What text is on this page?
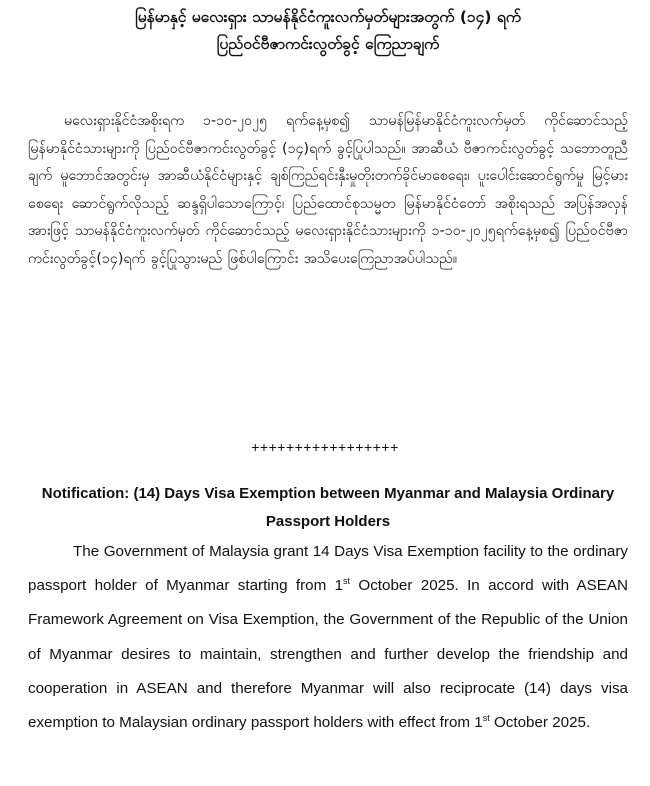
မြန်မာနှင့် မလေးရှား သာမန်နိုင်ငံကူးလက်မှတ်များအတွက် (၁၄) ရက်

ပြည်ဝင်ဗီဇာကင်းလွတ်ခွင့် ကြေညာချက်

မလေးရှားနိုင်ငံအစိုးရက ၁-၁၀-၂၀၂၅ ရက်နေ့မှစ၍ သာမန်မြန်မာနိုင်ငံကူးလက်မှတ် ကိုင်ဆောင်သည့် မြန်မာနိုင်ငံသားများကို ပြည်ဝင်ဗီဇာကင်းလွတ်ခွင့် (၁၄)ရက် ခွင့်ပြုပါသည်။ အာဆီယံ ဗီဇာကင်းလွတ်ခွင့် သဘောတူညီချက် မူဘောင်အတွင်းမှ အာဆီယံနိုင်ငံများနှင့် ချစ်ကြည်ရင်းနှီးမှုတိုးတက်ခိုင်မာစေရေး၊ ပူးပေါင်းဆောင်ရွက်မှု မြင့်မားစေရေး ဆောင်ရွက်လိုသည့် ဆန္ဒရှိပါသောကြောင့်၊ ပြည်ထောင်စုသမ္မတ မြန်မာနိုင်ငံတော် အစိုးရသည် အပြန်အလှန်အားဖြင့် သာမန်နိုင်ငံကူးလက်မှတ် ကိုင်ဆောင်သည့် မလေးရှားနိုင်ငံသားများကို ၁-၁၀-၂၀၂၅ရက်နေ့မှစ၍ ပြည်ဝင်ဗီဇာ ကင်းလွတ်ခွင့်(၁၄)ရက် ခွင့်ပြုသွားမည် ဖြစ်ပါကြောင်း အသိပေးကြေညာအပ်ပါသည်။

+++++++++++++++++

Notification: (14) Days Visa Exemption between Myanmar and Malaysia Ordinary Passport Holders

The Government of Malaysia grant 14 Days Visa Exemption facility to the ordinary passport holder of Myanmar starting from 1st October 2025. In accord with ASEAN Framework Agreement on Visa Exemption, the Government of the Republic of the Union of Myanmar desires to maintain, strengthen and further develop the friendship and cooperation in ASEAN and therefore Myanmar will also reciprocate (14) days visa exemption to Malaysian ordinary passport holders with effect from 1st October 2025.
